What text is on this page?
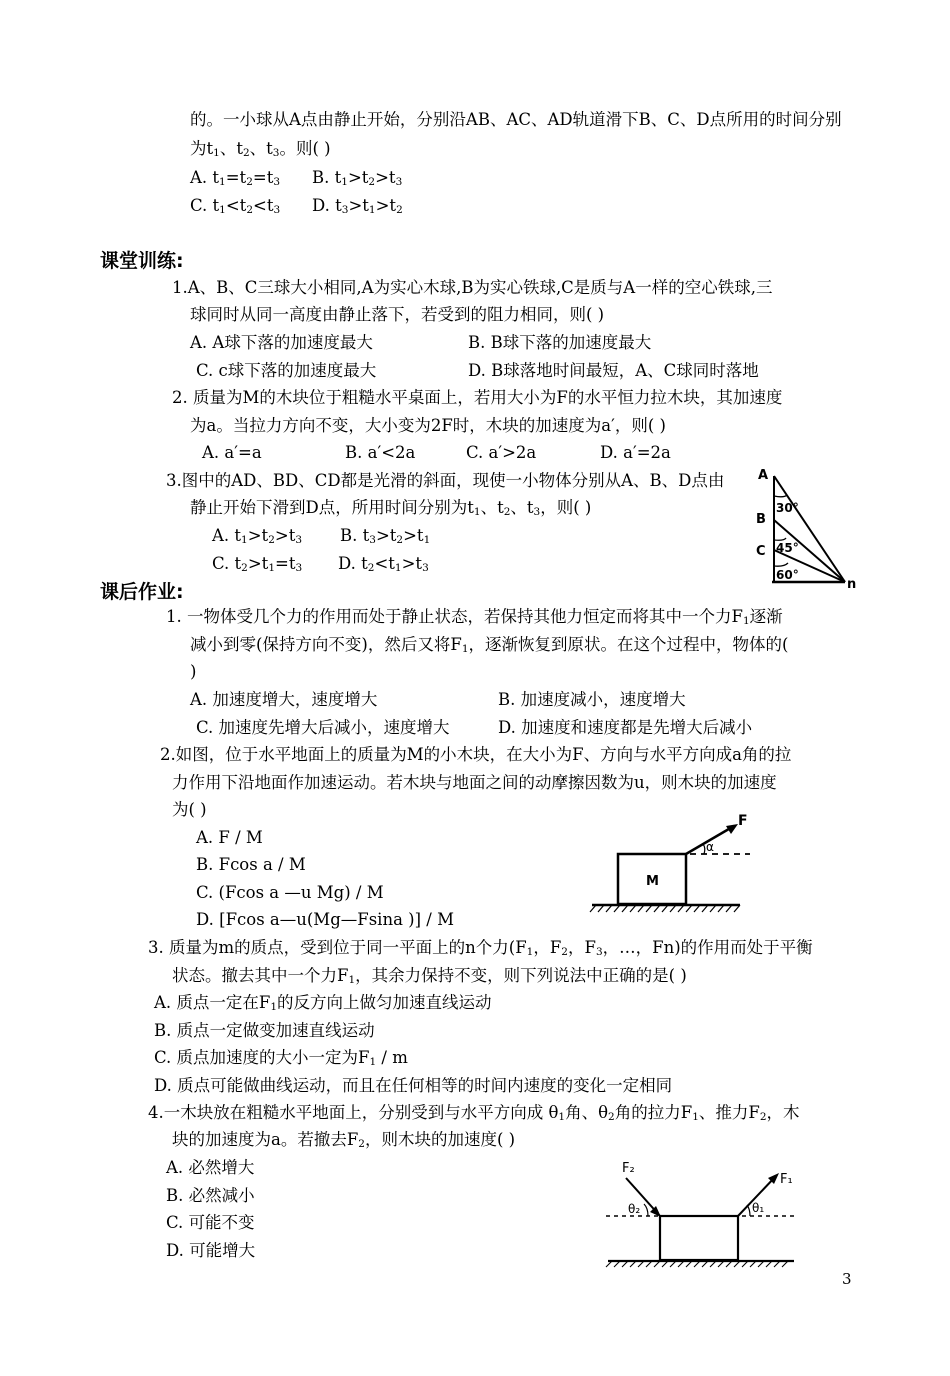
的。一小球从A点由静止开始，分别沿AB、AC、AD轨道滑下B、C、D点所用的时间分别
为$t_1$、$t_2$、$t_3$。则( )
A. $t_1=t_2=t_3$ B. $t_1>t_2>t_3$
C. $t_1<t_2<t_3$ D. $t_3>t_1>t_2$
课堂训练:
1.A、B、C三球大小相同,A为实心木球,B为实心铁球,C是质与A一样的空心铁球,三
球同时从同一高度由静止落下，若受到的阻力相同，则( )
A. A球下落的加速度最大	B. B球下落的加速度最大
C. c球下落的加速度最大	D. B球落地时间最短，A、C球同时落地
2. 质量为M的木块位于粗糙水平桌面上，若用大小为F的水平恒力拉木块，其加速度
为a。当拉力方向不变，大小变为2F时，木块的加速度为a′，则( )
A. a′=a	B. a′<2a	C. a′>2a	D. a′=2a
3.图中的AD、BD、CD都是光滑的斜面，现使一小物体分别从A、B、D点由
静止开始下滑到D点，所用时间分别为$t_1$、$t_2$、$t_3$，则( )
A. $t_1>t_2>t_3$ B. $t_3>t_2>t_1$
C. $t_2>t_1=t_3$ D. $t_2<t_1>t_3$
A
B
C
n
30°
45°
60°
课后作业:
1. 一物体受几个力的作用而处于静止状态，若保持其他力恒定而将其中一个力$F_1$逐渐
减小到零(保持方向不变)，然后又将$F_1$，逐渐恢复到原状。在这个过程中，物体的(
)
A. 加速度增大，速度增大	B. 加速度减小，速度增大
C. 加速度先增大后减小，速度增大	D. 加速度和速度都是先增大后减小
2.如图，位于水平地面上的质量为M的小木块，在大小为F、方向与水平方向成a角的拉
力作用下沿地面作加速运动。若木块与地面之间的动摩擦因数为u，则木块的加速度
为( )
A. F / M
B. Fcos a / M
C. (Fcos a —u Mg) / M
D. [Fcos a—u(Mg—Fsina )] / M
M
F
α
3. 质量为m的质点，受到位于同一平面上的n个力($F_1$，$F_2$，$F_3$，…，Fn)的作用而处于平衡
状态。撤去其中一个力$F_1$，其余力保持不变，则下列说法中正确的是( )
A. 质点一定在$F_1$的反方向上做匀加速直线运动
B. 质点一定做变加速直线运动
C. 质点加速度的大小一定为$F_1$ / m
D. 质点可能做曲线运动，而且在任何相等的时间内速度的变化一定相同
4.一木块放在粗糙水平地面上，分别受到与水平方向成 $\theta_1$角、$\theta_2$角的拉力$F_1$、推力$F_2$，木
块的加速度为a。若撤去$F_2$，则木块的加速度( )
A. 必然增大
B. 必然减小
C. 可能不变
D. 可能增大
F₂
F₁
θ₂	θ₁
3
